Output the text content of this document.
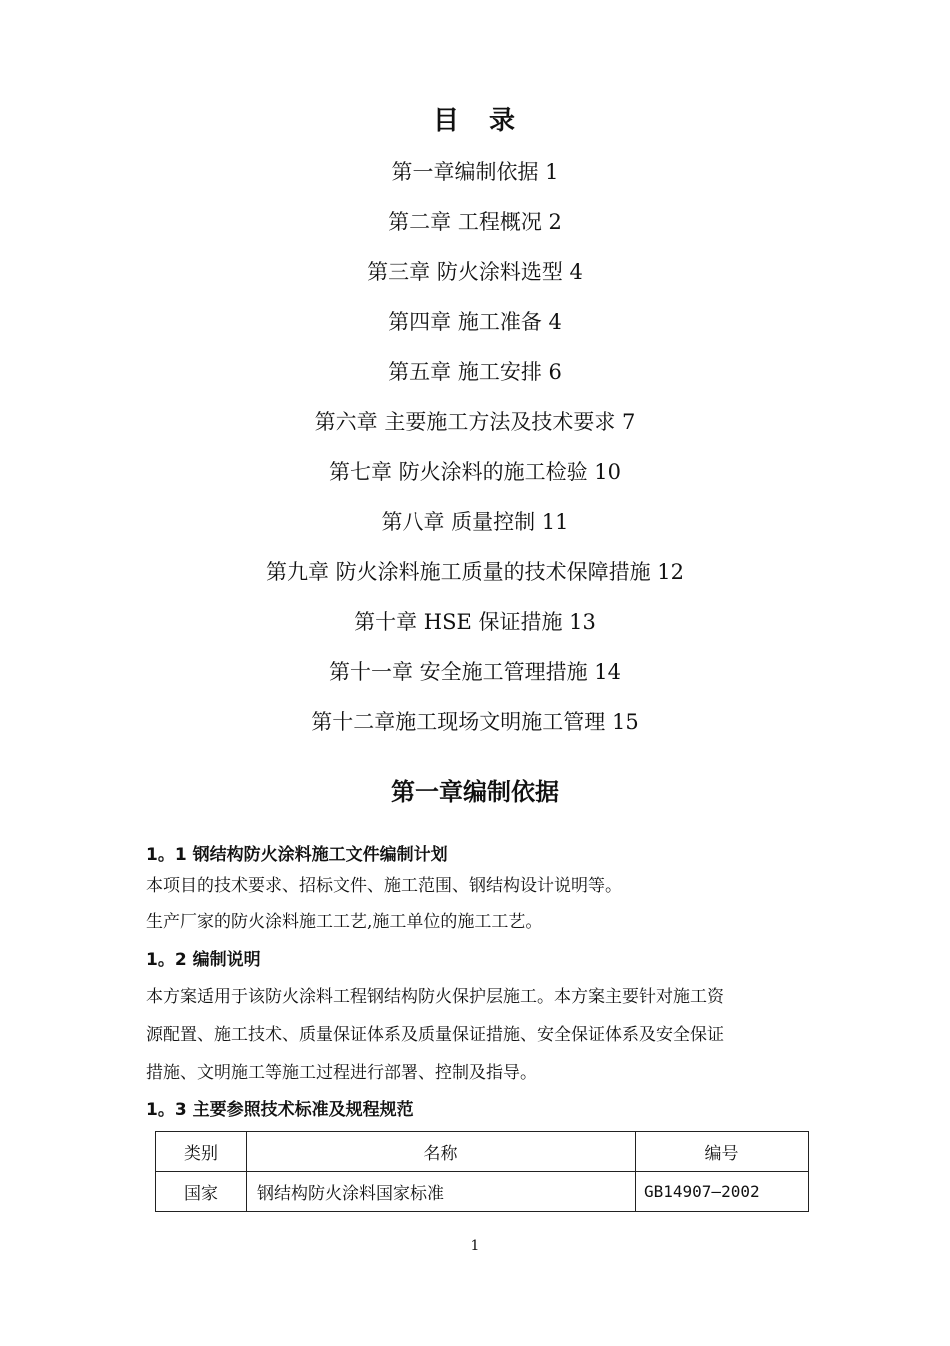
目　录
第一章编制依据 1
第二章 工程概况 2
第三章 防火涂料选型 4
第四章 施工准备 4
第五章 施工安排 6
第六章 主要施工方法及技术要求 7
第七章 防火涂料的施工检验 10
第八章 质量控制 11
第九章 防火涂料施工质量的技术保障措施 12
第十章 HSE 保证措施 13
第十一章 安全施工管理措施 14
第十二章施工现场文明施工管理 15
第一章编制依据
1。1 钢结构防火涂料施工文件编制计划
本项目的技术要求、招标文件、施工范围、钢结构设计说明等。
生产厂家的防火涂料施工工艺,施工单位的施工工艺。
1。2 编制说明
本方案适用于该防火涂料工程钢结构防火保护层施工。本方案主要针对施工资
源配置、施工技术、质量保证体系及质量保证措施、安全保证体系及安全保证
措施、文明施工等施工过程进行部署、控制及指导。
1。3 主要参照技术标准及规程规范
类别	名称	编号
国家	钢结构防火涂料国家标准	GB14907—2002
1
